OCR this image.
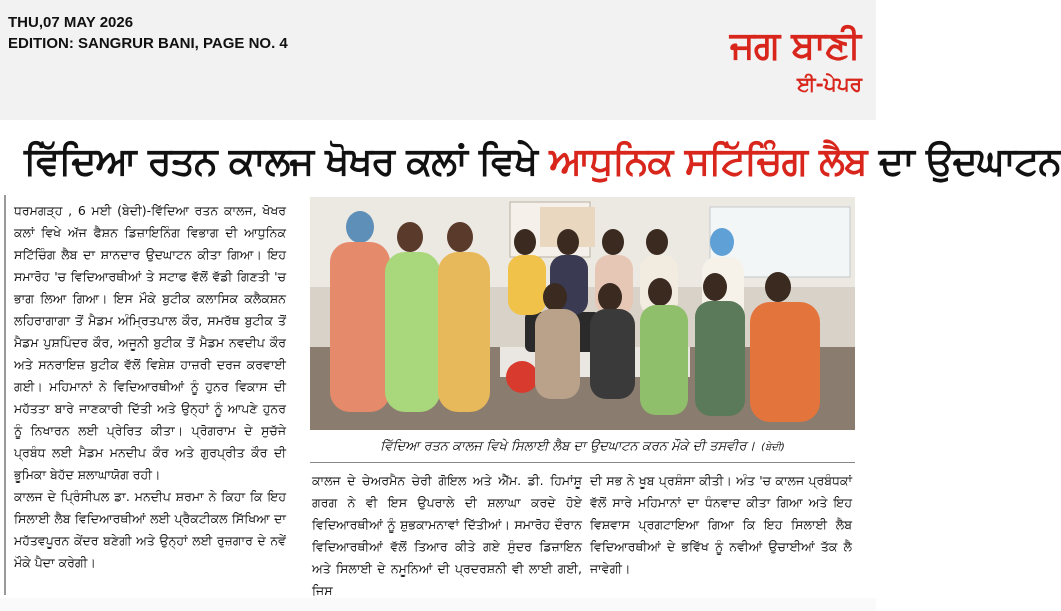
THU,07 MAY 2026
EDITION: SANGRUR BANI, PAGE NO. 4	ਜਗ ਬਾਣੀ
ਈ-ਪੇਪਰ
ਵਿੱਦਿਆ ਰਤਨ ਕਾਲਜ ਖੋਖਰ ਕਲਾਂ ਵਿਖੇ ਆਧੁਨਿਕ ਸਟਿੱਚਿੰਗ ਲੈਬ ਦਾ ਉਦਘਾਟਨ

ਧਰਮਗੜ੍ਹ , 6 ਮਈ (ਬੇਦੀ)-ਵਿੱਦਿਆ ਰਤਨ ਕਾਲਜ, ਖੋਖਰ ਕਲਾਂ ਵਿਖੇ ਅੱਜ ਫੈਸ਼ਨ ਡਿਜ਼ਾਇਨਿੰਗ ਵਿਭਾਗ ਦੀ ਆਧੁਨਿਕ ਸਟਿੱਚਿੰਗ ਲੈਬ ਦਾ ਸ਼ਾਨਦਾਰ ਉਦਘਾਟਨ ਕੀਤਾ ਗਿਆ। ਇਹ ਸਮਾਰੋਹ 'ਚ ਵਿਦਿਆਰਥੀਆਂ ਤੇ ਸਟਾਫ ਵੱਲੋਂ ਵੱਡੀ ਗਿਣਤੀ 'ਚ ਭਾਗ ਲਿਆ ਗਿਆ। ਇਸ ਮੌਕੇ ਬੁਟੀਕ ਕਲਾਸਿਕ ਕਲੈਕਸ਼ਨ ਲਹਿਰਾਗਾਗਾ ਤੋਂ ਮੈਡਮ ਅੰਮ੍ਰਿਤਪਾਲ ਕੌਰ, ਸਮਰੱਥ ਬੁਟੀਕ ਤੋਂ ਮੈਡਮ ਪੁਸ਼ਪਿੰਦਰ ਕੌਰ, ਅਜੂਨੀ ਬੁਟੀਕ ਤੋਂ ਮੈਡਮ ਨਵਦੀਪ ਕੌਰ ਅਤੇ ਸਨਰਾਇਜ਼ ਬੁਟੀਕ ਵੱਲੋਂ ਵਿਸ਼ੇਸ਼ ਹਾਜ਼ਰੀ ਦਰਜ ਕਰਵਾਈ ਗਈ। ਮਹਿਮਾਨਾਂ ਨੇ ਵਿਦਿਆਰਥੀਆਂ ਨੂੰ ਹੁਨਰ ਵਿਕਾਸ ਦੀ ਮਹੱਤਤਾ ਬਾਰੇ ਜਾਣਕਾਰੀ ਦਿੱਤੀ ਅਤੇ ਉਨ੍ਹਾਂ ਨੂੰ ਆਪਣੇ ਹੁਨਰ ਨੂੰ ਨਿਖਾਰਨ ਲਈ ਪ੍ਰੇਰਿਤ ਕੀਤਾ। ਪ੍ਰੋਗਰਾਮ ਦੇ ਸੁਚੱਜੇ ਪ੍ਰਬੰਧ ਲਈ ਮੈਡਮ ਮਨਦੀਪ ਕੌਰ ਅਤੇ ਗੁਰਪ੍ਰੀਤ ਕੌਰ ਦੀ ਭੂਮਿਕਾ ਬੇਹੱਦ ਸ਼ਲਾਘਾਯੋਗ ਰਹੀ।

ਕਾਲਜ ਦੇ ਪ੍ਰਿੰਸੀਪਲ ਡਾ. ਮਨਦੀਪ ਸ਼ਰਮਾ ਨੇ ਕਿਹਾ ਕਿ ਇਹ ਸਿਲਾਈ ਲੈਬ ਵਿਦਿਆਰਥੀਆਂ ਲਈ ਪ੍ਰੈਕਟੀਕਲ ਸਿੱਖਿਆ ਦਾ ਮਹੱਤਵਪੂਰਨ ਕੇਂਦਰ ਬਣੇਗੀ ਅਤੇ ਉਨ੍ਹਾਂ ਲਈ ਰੁਜ਼ਗਾਰ ਦੇ ਨਵੇਂ ਮੌਕੇ ਪੈਦਾ ਕਰੇਗੀ।

ਵਿੱਦਿਆ ਰਤਨ ਕਾਲਜ ਵਿਖੇ ਸਿਲਾਈ ਲੈਬ ਦਾ ਉਦਘਾਟਨ ਕਰਨ ਮੌਕੇ ਦੀ ਤਸਵੀਰ। (ਬੇਦੀ)
ਕਾਲਜ ਦੇ ਚੇਅਰਮੈਨ ਚੇਰੀ ਗੋਇਲ ਅਤੇ ਐੱਮ. ਡੀ. ਹਿਮਾਂਸ਼ੂ ਗਰਗ ਨੇ ਵੀ ਇਸ ਉਪਰਾਲੇ ਦੀ ਸ਼ਲਾਘਾ ਕਰਦੇ ਹੋਏ ਵਿਦਿਆਰਥੀਆਂ ਨੂੰ ਸ਼ੁਭਕਾਮਨਾਵਾਂ ਦਿੱਤੀਆਂ। ਸਮਾਰੋਹ ਦੌਰਾਨ ਵਿਦਿਆਰਥੀਆਂ ਵੱਲੋਂ ਤਿਆਰ ਕੀਤੇ ਗਏ ਸੁੰਦਰ ਡਿਜ਼ਾਇਨ ਅਤੇ ਸਿਲਾਈ ਦੇ ਨਮੂਨਿਆਂ ਦੀ ਪ੍ਰਦਰਸ਼ਨੀ ਵੀ ਲਾਈ ਗਈ, ਜਿਸ
ਦੀ ਸਭ ਨੇ ਖੂਬ ਪ੍ਰਸ਼ੰਸਾ ਕੀਤੀ। ਅੰਤ 'ਚ ਕਾਲਜ ਪ੍ਰਬੰਧਕਾਂ ਵੱਲੋਂ ਸਾਰੇ ਮਹਿਮਾਨਾਂ ਦਾ ਧੰਨਵਾਦ ਕੀਤਾ ਗਿਆ ਅਤੇ ਇਹ ਵਿਸ਼ਵਾਸ ਪ੍ਰਗਟਾਇਆ ਗਿਆ ਕਿ ਇਹ ਸਿਲਾਈ ਲੈਬ ਵਿਦਿਆਰਥੀਆਂ ਦੇ ਭਵਿੱਖ ਨੂੰ ਨਵੀਆਂ ਉਚਾਈਆਂ ਤੱਕ ਲੈ ਜਾਵੇਗੀ।
